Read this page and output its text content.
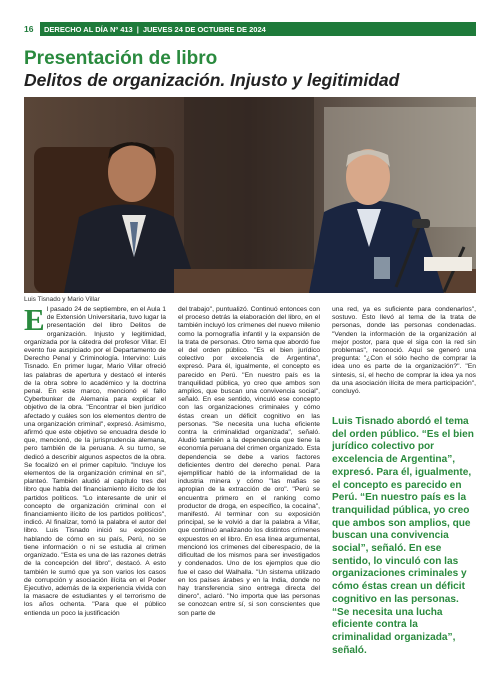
16	DERECHO AL DÍA Nº 413 | JUEVES 24 DE OCTUBRE DE 2024
Presentación de libro
Delitos de organización. Injusto y legitimidad
Luis Tisnado y Mario Villar
E l pasado 24 de septiembre, en el Aula 1 de Extensión Universitaria, tuvo lugar la presentación del libro Delitos de organización. Injusto y legitimidad, organizada por la cátedra del profesor Villar. El evento fue auspiciado por el Departamento de Derecho Penal y Criminología. Intervino: Luis Tisnado. En primer lugar, Mario Villar ofreció las palabras de apertura y destacó el interés de la obra sobre lo académico y la doctrina penal. En este marco, mencionó el fallo Cyberbunker de Alemania para explicar el objetivo de la obra. "Encontrar el bien jurídico afectado y cuáles son los elementos dentro de una organización criminal", expresó. Asimismo, afirmó que este objetivo se encuadra desde lo que, mencionó, de la jurisprudencia alemana, pero también de la peruana. A su turno, se dedicó a describir algunos aspectos de la obra. Se focalizó en el primer capítulo. "Incluye los elementos de la organización criminal en sí", planteó. También aludió al capítulo tres del libro que habla del financiamiento ilícito de los partidos políticos. "Lo interesante de unir el concepto de organización criminal con el financiamiento ilícito de los partidos políticos", indicó. Al finalizar, tomó la palabra el autor del libro. Luis Tisnado inició su exposición hablando de cómo en su país, Perú, no se tiene información o ni se estudia al crimen organizado. "Esta es una de las razones detrás de la concepción del libro", destacó. A esto también le sumó que ya son varios los casos de corrupción y asociación ilícita en el Poder Ejecutivo, además de la experiencia vivida con la masacre de estudiantes y el terrorismo de los años ochenta. "Para que el público entienda un poco la justificación

del trabajo", puntualizó. Continuó entonces con el proceso detrás la elaboración del libro, en el también incluyó los crímenes del nuevo milenio como la pornografía infantil y la expansión de la trata de personas. Otro tema que abordó fue el del orden público. "Es el bien jurídico colectivo por excelencia de Argentina", expresó. Para él, igualmente, el concepto es parecido en Perú. "En nuestro país es la tranquilidad pública, yo creo que ambos son amplios, que buscan una convivencia social", señaló. En ese sentido, vinculó ese concepto con las organizaciones criminales y cómo éstas crean un déficit cognitivo en las personas. "Se necesita una lucha eficiente contra la criminalidad organizada", señaló. Aludió también a la dependencia que tiene la economía peruana del crimen organizado. Esta dependencia se debe a varios factores deficientes dentro del derecho penal. Para ejemplificar habló de la informalidad de la industria minera y cómo "las mafias se apropian de la extracción de oro". "Perú se encuentra primero en el ranking como productor de droga, en específico, la cocaína", manifestó. Al terminar con su exposición principal, se le volvió a dar la palabra a Villar, que continuó analizando los distintos crímenes expuestos en el libro. En esa línea argumental, mencionó los crímenes del ciberespacio, de la dificultad de los mismos para ser investigados y condenados. Uno de los ejemplos que dio fue el caso del Walhalla. "Un sistema utilizado en los países árabes y en la India, donde no hay transferencia sino entrega directa del dinero", aclaró. "No importa que las personas se conozcan entre sí, si son conscientes que son parte de

una red, ya es suficiente para condenarlos", sostuvo. Esto llevó al tema de la trata de personas, donde las personas condenadas. "Venden la información de la organización al mejor postor, para que el siga con la red sin problemas", reconoció. Aquí se generó una pregunta: "¿Con el sólo hecho de comprar la idea uno es parte de la organización?". "En síntesis, sí, el hecho de comprar la idea ya nos da una asociación ilícita de mera participación", concluyó.

Luis Tisnado abordó el tema del orden público. “Es el bien jurídico colectivo por excelencia de Argentina”, expresó. Para él, igualmente, el concepto es parecido en Perú. “En nuestro país es la tranquilidad pública, yo creo que ambos son amplios, que buscan una convivencia social”, señaló. En ese sentido, lo vinculó con las organizaciones criminales y cómo éstas crean un déficit cognitivo en las personas. “Se necesita una lucha eficiente contra la criminalidad organizada”, señaló.
